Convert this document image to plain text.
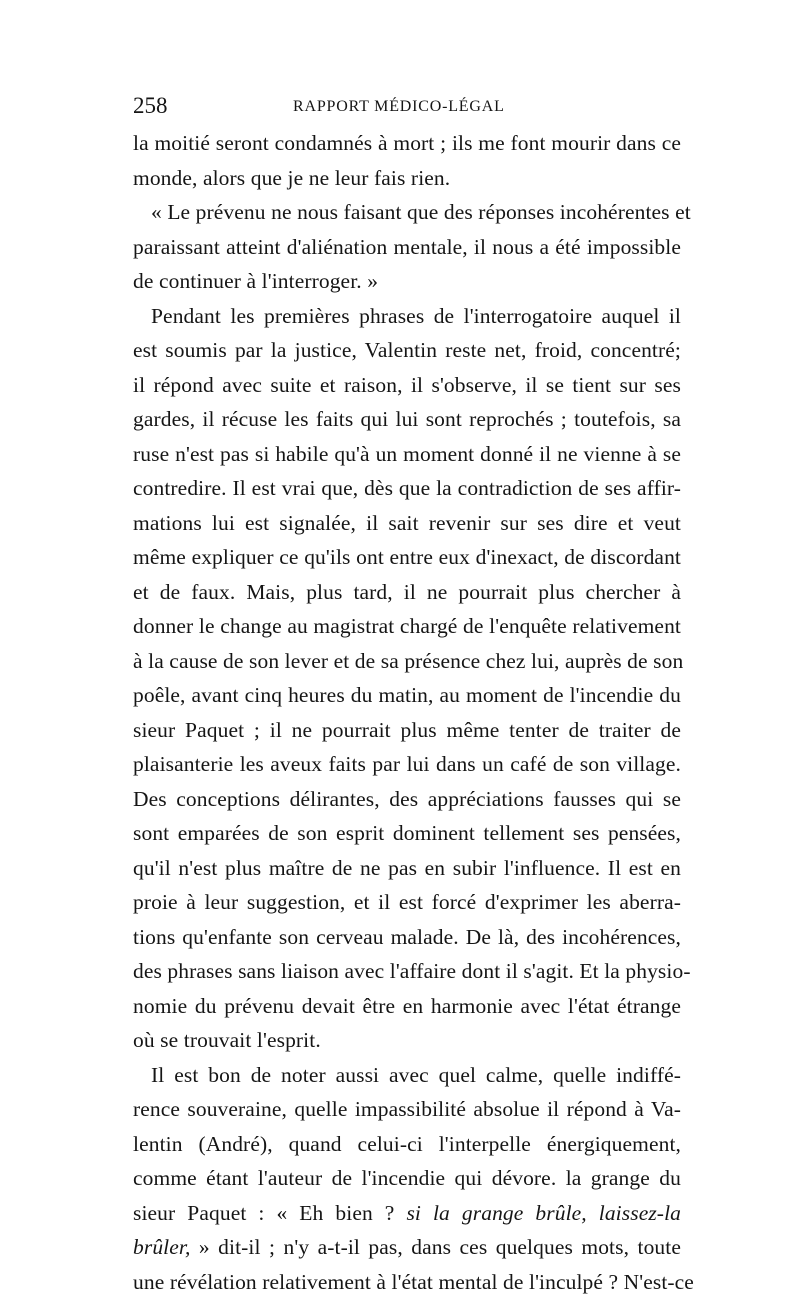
258	RAPPORT MÉDICO-LÉGAL
la moitié seront condamnés à mort ; ils me font mourir dans ce
monde, alors que je ne leur fais rien.
« Le prévenu ne nous faisant que des réponses incohérentes et
paraissant atteint d'aliénation mentale, il nous a été impossible
de continuer à l'interroger. »
Pendant les premières phrases de l'interrogatoire auquel il
est soumis par la justice, Valentin reste net, froid, concentré;
il répond avec suite et raison, il s'observe, il se tient sur ses
gardes, il récuse les faits qui lui sont reprochés ; toutefois, sa
ruse n'est pas si habile qu'à un moment donné il ne vienne à se
contredire. Il est vrai que, dès que la contradiction de ses affir-
mations lui est signalée, il sait revenir sur ses dire et veut
même expliquer ce qu'ils ont entre eux d'inexact, de discordant
et de faux. Mais, plus tard, il ne pourrait plus chercher à
donner le change au magistrat chargé de l'enquête relativement
à la cause de son lever et de sa présence chez lui, auprès de son
poêle, avant cinq heures du matin, au moment de l'incendie du
sieur Paquet ; il ne pourrait plus même tenter de traiter de
plaisanterie les aveux faits par lui dans un café de son village.
Des conceptions délirantes, des appréciations fausses qui se
sont emparées de son esprit dominent tellement ses pensées,
qu'il n'est plus maître de ne pas en subir l'influence. Il est en
proie à leur suggestion, et il est forcé d'exprimer les aberra-
tions qu'enfante son cerveau malade. De là, des incohérences,
des phrases sans liaison avec l'affaire dont il s'agit. Et la physio-
nomie du prévenu devait être en harmonie avec l'état étrange
où se trouvait l'esprit.
Il est bon de noter aussi avec quel calme, quelle indiffé-
rence souveraine, quelle impassibilité absolue il répond à Va-
lentin (André), quand celui-ci l'interpelle énergiquement,
comme étant l'auteur de l'incendie qui dévore. la grange du
sieur Paquet : « Eh bien ? si la grange brûle, laissez-la
brûler, » dit-il ; n'y a-t-il pas, dans ces quelques mots, toute
une révélation relativement à l'état mental de l'inculpé ? N'est-ce
